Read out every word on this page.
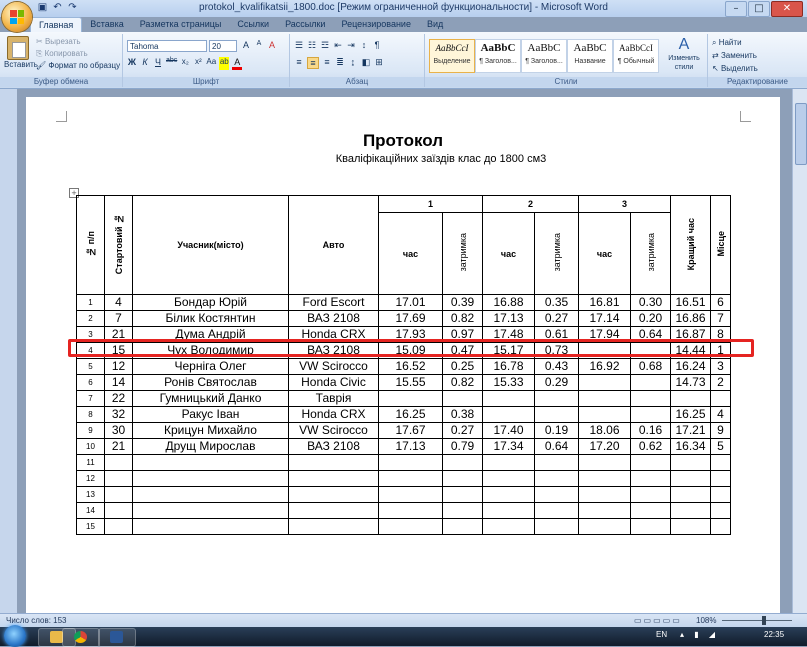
▣ ↶ ↷	protokol_kvalifikatsii_1800.doc [Режим ограниченной функциональности] - Microsoft Word	–	□	✕
Главная	Вставка	Разметка страницы	Ссылки	Рассылки	Рецензирование	Вид
Вставить
✂ Вырезать
⎘ Копировать
🖌 Формат по образцу
Буфер обмена
Tahoma	20	A	A A
Ж К Ч abc x₂ x² Aa ab A
Шрифт
☰ ☷ ☲ ⇤ ⇥ ↕ ¶
≡ ≡ ≡ ≣ ↨ ◧ ⊞
Абзац
AaBbCcI
Выделение
AaBbC
¶ Заголов...
AaBbC
¶ Заголов...
AaBbC
Название
AaBbCcI
¶ Обычный
A
Изменить стили
Стили
⌕ Найти
⇄ Заменить
↖ Выделить
Редактирование
Протокол
Кваліфікаційних заїздів клас до 1800 см3
+
№ п/п	Стартовий №	Учасник(місто)	Авто	1		2		3		Кращий час	Місце
				час	затримка	час	затримка	час	затримка		
1	4	Бондар Юрій	Ford Escort	17.01	0.39	16.88	0.35	16.81	0.30	16.51	6
2	7	Білик Костянтин	ВАЗ 2108	17.69	0.82	17.13	0.27	17.14	0.20	16.86	7
3	21	Дума Андрій	Honda CRX	17.93	0.97	17.48	0.61	17.94	0.64	16.87	8
4	15	Чух Володимир	ВАЗ 2108	15.09	0.47	15.17	0.73			14.44	1
5	12	Черніга Олег	VW Scirocco	16.52	0.25	16.78	0.43	16.92	0.68	16.24	3
6	14	Ронів Святослав	Honda Civic	15.55	0.82	15.33	0.29			14.73	2
7	22	Гумницький Данко	Таврія								
8	32	Ракус Іван	Honda CRX	16.25	0.38					16.25	4
9	30	Крицун Михайло	VW Scirocco	17.67	0.27	17.40	0.19	18.06	0.16	17.21	9
10	21	Друщ Мирослав	ВАЗ 2108	17.13	0.79	17.34	0.64	17.20	0.62	16.34	5
11											
12											
13											
14											
15											
Число слов: 153	▭▭▭▭▭ 108%
EN ▴ ▮ ◢	22:35
